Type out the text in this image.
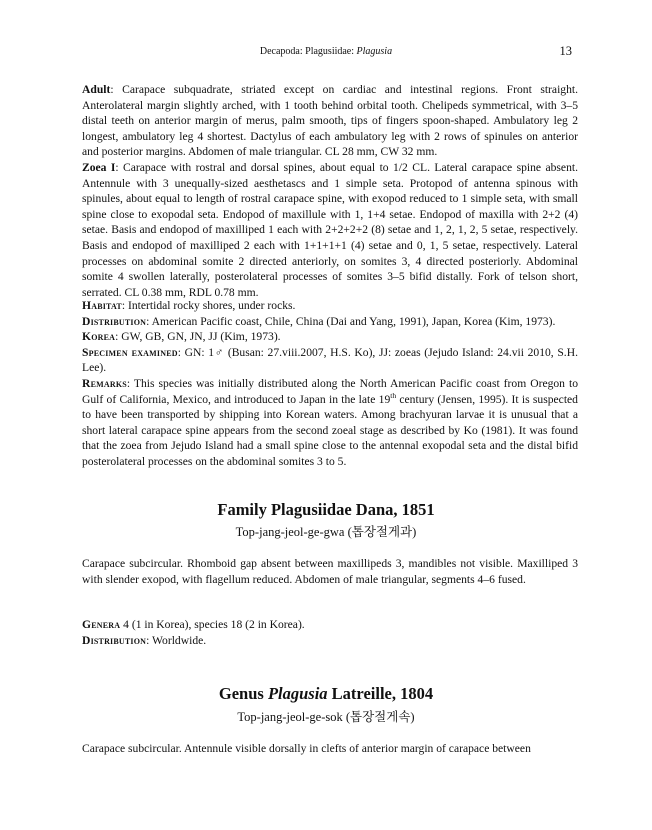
Decapoda: Plagusiidae: Plagusia	13

Adult: Carapace subquadrate, striated except on cardiac and intestinal regions. Front straight. Anterolateral margin slightly arched, with 1 tooth behind orbital tooth. Chelipeds symmetrical, with 3–5 distal teeth on anterior margin of merus, palm smooth, tips of fingers spoon-shaped. Ambulatory leg 2 longest, ambulatory leg 4 shortest. Dactylus of each ambulatory leg with 2 rows of spinules on anterior and posterior margins. Abdomen of male triangular. CL 28 mm, CW 32 mm.

Zoea I: Carapace with rostral and dorsal spines, about equal to 1/2 CL. Lateral carapace spine absent. Antennule with 3 unequally-sized aesthetascs and 1 simple seta. Protopod of antenna spinous with spinules, about equal to length of rostral carapace spine, with exopod reduced to 1 simple seta, with small spine close to exopodal seta. Endopod of maxillule with 1, 1+4 setae. Endopod of maxilla with 2+2 (4) setae. Basis and endopod of maxilliped 1 each with 2+2+2+2 (8) setae and 1, 2, 1, 2, 5 setae, respectively. Basis and endopod of maxilliped 2 each with 1+1+1+1 (4) setae and 0, 1, 5 setae, respectively. Lateral processes on abdominal somite 2 directed anteriorly, on somites 3, 4 directed posteriorly. Abdominal somite 4 swollen laterally, posterolateral processes of somites 3–5 bifid distally. Fork of telson short, serrated. CL 0.38 mm, RDL 0.78 mm.

Habitat: Intertidal rocky shores, under rocks.

Distribution: American Pacific coast, Chile, China (Dai and Yang, 1991), Japan, Korea (Kim, 1973).

Korea: GW, GB, GN, JN, JJ (Kim, 1973).

Specimen examined: GN: 1♂ (Busan: 27.viii.2007, H.S. Ko), JJ: zoeas (Jejudo Island: 24.vii 2010, S.H. Lee).

Remarks: This species was initially distributed along the North American Pacific coast from Oregon to Gulf of California, Mexico, and introduced to Japan in the late 19th century (Jensen, 1995). It is suspected to have been transported by shipping into Korean waters. Among brachyuran larvae it is unusual that a short lateral carapace spine appears from the second zoeal stage as described by Ko (1981). It was found that the zoea from Jejudo Island had a small spine close to the antennal exopodal seta and the distal bifid posterolateral processes on the abdominal somites 3 to 5.

Family Plagusiidae Dana, 1851
Top-jang-jeol-ge-gwa (톱장절게과)

Carapace subcircular. Rhomboid gap absent between maxillipeds 3, mandibles not visible. Maxilliped 3 with slender exopod, with flagellum reduced. Abdomen of male triangular, segments 4–6 fused.

Genera 4 (1 in Korea), species 18 (2 in Korea).

Distribution: Worldwide.

Genus Plagusia Latreille, 1804
Top-jang-jeol-ge-sok (톱장절게속)

Carapace subcircular. Antennule visible dorsally in clefts of anterior margin of carapace between
